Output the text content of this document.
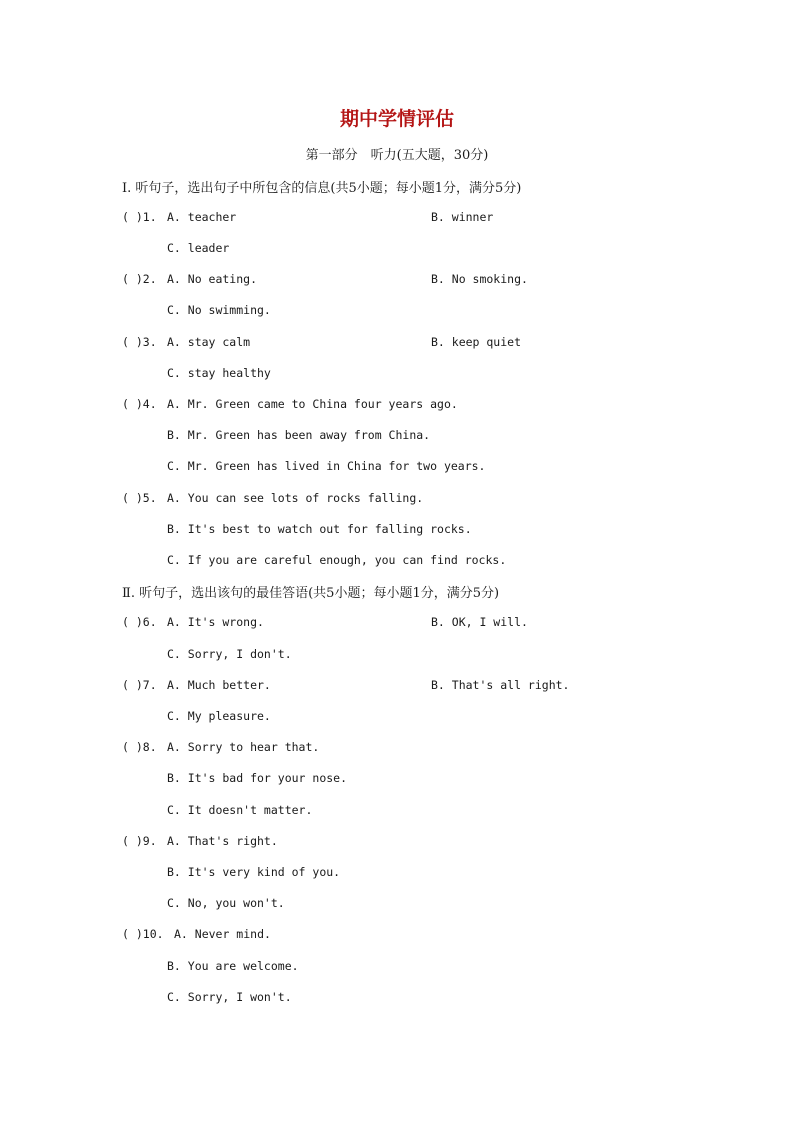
期中学情评估
第一部分　听力(五大题，30分)
Ⅰ. 听句子，选出句子中所包含的信息(共5小题；每小题1分，满分5分)
( )1. A. teacher	B. winner
C. leader
( )2. A. No eating.	B. No smoking.
C. No swimming.
( )3. A. stay calm	B. keep quiet
C. stay healthy
( )4. A. Mr. Green came to China four years ago.
B. Mr. Green has been away from China.
C. Mr. Green has lived in China for two years.
( )5. A. You can see lots of rocks falling.
B. It's best to watch out for falling rocks.
C. If you are careful enough, you can find rocks.
Ⅱ. 听句子，选出该句的最佳答语(共5小题；每小题1分，满分5分)
( )6. A. It's wrong.	B. OK, I will.
C. Sorry, I don't.
( )7. A. Much better.	B. That's all right.
C. My pleasure.
( )8. A. Sorry to hear that.
B. It's bad for your nose.
C. It doesn't matter.
( )9. A. That's right.
B. It's very kind of you.
C. No, you won't.
( )10. A. Never mind.
B. You are welcome.
C. Sorry, I won't.
